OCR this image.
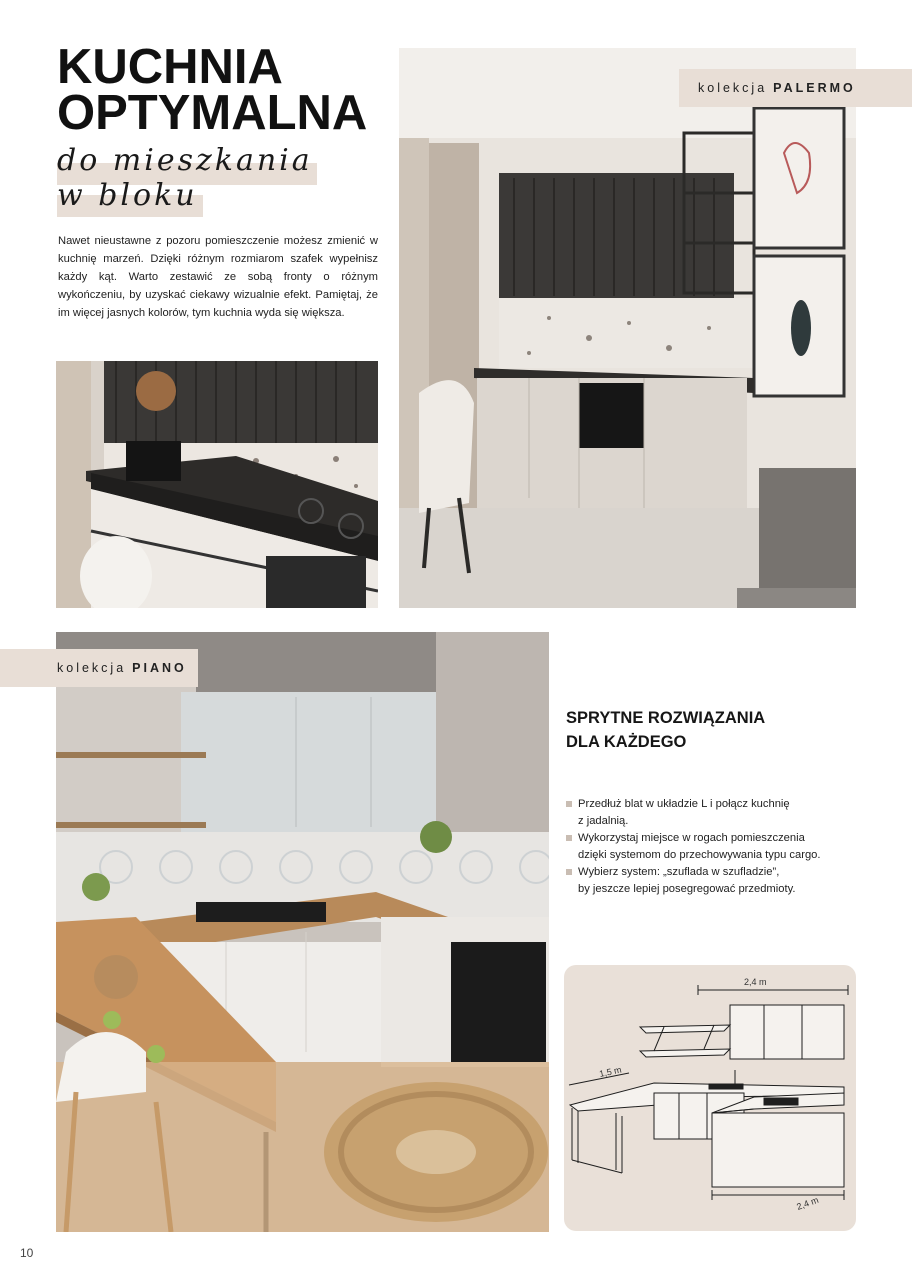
KUCHNIA
OPTYMALNA
do mieszkania
w bloku

Nawet nieustawne z pozoru pomieszczenie możesz zmienić w kuchnię marzeń. Dzięki różnym rozmiarom szafek wypełnisz każdy kąt. Warto zestawić ze sobą fronty o różnym wykończeniu, by uzyskać ciekawy wizualnie efekt. Pamiętaj, że im więcej jasnych kolorów, tym kuchnia wyda się większa.

kolekcja PALERMO
kolekcja PIANO
SPRYTNE ROZWIĄZANIA
DLA KAŻDEGO
Przedłuż blat w układzie L i połącz kuchnię
z jadalnią.
Wykorzystaj miejsce w rogach pomieszczenia
dzięki systemom do przechowywania typu cargo.
Wybierz system: „szuflada w szufladzie”,
by jeszcze lepiej posegregować przedmioty.
2,4 m
1,5 m
2,4 m
10
